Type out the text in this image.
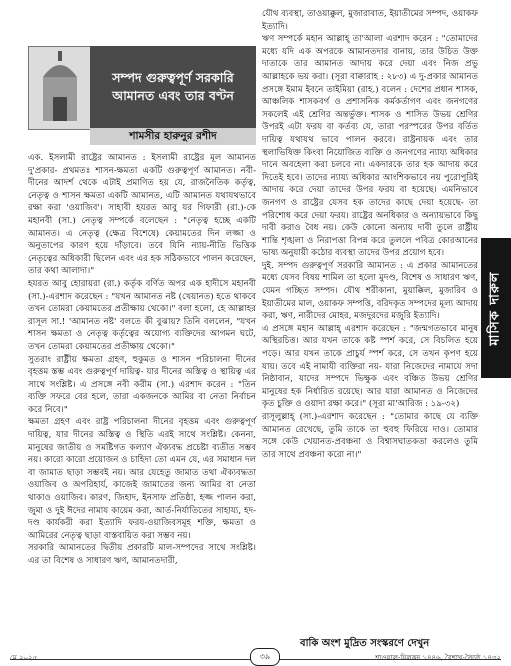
সম্পদ গুরুত্বপূর্ণ সরকারি
আমানত এবং তার বণ্টন
শামসীর হারুনুর রশীদ

এক. ইসলামী রাষ্ট্রের আমানত : ইসলামী রাষ্ট্রের মূল আমানত দু'প্রকার- প্রথমতঃ শাসন-ক্ষমতা একটি গুরুত্বপূর্ণ আমানত। নবী-দীনের আদর্শ থেকে এটাই প্রমাণিত হয় যে, রাজনৈতিক কর্তৃত্ব, নেতৃত্ব ও শাসন ক্ষমতা একটি আমানত, এটি আমানত যথাযথভাবে রক্ষা করা 'ওয়াজিব'। সাহাবী হযরত আবু যর গিফারী (রা.)-কে মহানবী (সা.) নেতৃত্ব সম্পর্কে বলেছেন : "নেতৃত্ব হচ্ছে একটি আমানত। এ নেতৃত্ব (ক্ষেত্র বিশেষে) কেয়ামতের দিন লজ্জা ও অনুতাপের কারণ হয়ে দাঁড়াবে। তবে যিনি ন্যায়-নীতি ভিত্তিক নেতৃত্বের অধিকারী ছিলেন এবং এর হক সঠিকভাবে পালন করেছেন, তার কথা আলাদা।"

হযরত আবু হোরায়রা (রা.) কর্তৃক বর্ণিত অপর এক হাদীসে মহানবী (সা.)-এরশাদ করেছেন : "যখন আমানত নষ্ট (খেয়ানত) হতে থাকবে তখন তোমরা কেয়ামতের প্রতীক্ষায় থেকো।" বলা হলো, হে আল্লাহর রাসূল সা.! 'আমানত নষ্ট' বলতে কী বুঝায়? তিনি বললেন, "যখন শাসন ক্ষমতা ও নেতৃত্ব কর্তৃত্বের অযোগ্য ব্যক্তিদের আগমন ঘটে, তখন তোমরা কেয়ামতের প্রতীক্ষায় থেকো।"

সুতরাং রাষ্ট্রীয় ক্ষমতা গ্রহণ, হুকুমত ও শাসন পরিচালনা দীনের বৃহত্তম স্তম্ভ এবং গুরুত্বপূর্ণ দায়িত্ব- যার দীনের অস্তিত্ব ও স্থায়িত্ব এর সাথে সংশ্লিষ্ট। এ প্রসঙ্গে নবী করীম (সা.) এরশাদ করেন : "তিন ব্যক্তি সফরে বের হলে, তারা একজনকে আমির বা নেতা নির্বাচন করে নিবে।"

ক্ষমতা গ্রহণ এবং রাষ্ট্র পরিচালনা দীনের বৃহত্তম এবং গুরুত্বপূর্ণ দায়িত্ব, যার দীনের অস্তিত্ব ও স্থিতি এরই সাথে সংশ্লিষ্ট। কেননা, মানুষের জাতীয় ও সমষ্টিগত কল্যাণ ঐক্যবদ্ধ প্রচেষ্টা ব্যতীত সম্ভব নয়। কারো কারো প্রয়োজন ও চাহিদা তো এমন যে, এর সমাধান দল বা জামাত ছাড়া সম্ভবই নয়। আর যেহেতু জামাত তথা ঐক্যবদ্ধতা ওয়াজিব ও অপরিহার্য, কাজেই জামাতের জন্য আমির বা নেতা থাকাও ওয়াজিব। কারণ, জিহাদ, ইনসাফ প্রতিষ্ঠা, হজ্জ পালন করা, জুমা ও দুই ঈদের নামায কায়েম করা, আর্ত-নির্যাতিতের সাহায্য, হদ-দণ্ড কার্যকরী করা ইত্যাদি ফরয-ওয়াজিবসমূহ শক্তি, ক্ষমতা ও আমিরের নেতৃত্ব ছাড়া বাস্তবায়িত করা সম্ভব নয়।

সরকারি আমানতের দ্বিতীয় প্রকারটি মাল-সম্পদের সাথে সংশ্লিষ্ট। এর তা বিশেষ ও সাধারণ ঋণ, আমানতদারী,

যৌথ ব্যবস্থা, তাওয়াক্কুল, মুজারাবাত, ইয়াতীমের সম্পদ, ওয়াকফ ইত্যাদি।

ঋণ সম্পর্কে মহান আল্লাহ্ তা'আলা এরশাদ করেন : "তোমাদের মধ্যে যদি এক অপরকে আমানতদার বানায়, তার উচিত উক্ত দাতাকে তার আমানত আদায় করে দেয়া এবং নিজ প্রভু আল্লাহকে ভয় করা। (সূরা বাক্বারাহ : ২৮৩) এ দু-প্রকার আমানত প্রসঙ্গে ইমাম ইবনে তাইমিয়া (রাহ.) বলেন : দেশের প্রধান শাসক, আঞ্চলিক শাসকবর্গ ও প্রশাসনিক কর্মকর্তাগণ এবং জনগণের সকলেই এই শ্রেণির অন্তর্ভুক্ত। শাসক ও শাসিত উভয় শ্রেণির উপরই এটা ফরয বা কর্তব্য যে, তারা পরস্পরের উপর বর্তিত দায়িত্ব যথাযথ ভাবে পালন করবে। রাষ্ট্রনায়ক এবং তার স্থলাভিষিক্ত কিংবা নিয়োজিত ব্যক্তি ও জনগণের ন্যায্য অধিকার দানে অবহেলা করা চলবে না। একদারকে তার হক আদায় করে দিতেই হবে। তাদের ন্যায্য অধিকার আংশিকভাবে নয় পুরোপুরিই আদায় করে দেয়া তাদের উপর ফরয বা হয়েছে। এমনিভাবে জনগণ ও রাষ্ট্রের যেসব হক তাদের কাছে দেয়া হয়েছে- তা পরিশোধ করে দেয়া ফরয। রাষ্ট্রের অনধিকার ও অন্যায়ভাবে কিছু দাবী করাও বৈধ নয়। কেউ কোনো অন্যায় দাবী তুলে রাষ্ট্রীয় শান্তি শৃঙ্খলা ও নিরাপত্তা বিপন্ন করে তুললে পবিত্র কোরআনের ভাষ্য অনুযায়ী কঠোর ব্যবস্থা তাদের উপর প্রয়োগ হবে।

দুই. সম্পদ গুরুত্বপূর্ণ সরকারি আমানত : এ প্রকার আমানতের মধ্যে যেসব বিষয় শামিল তা হলো মুদণ্ড, বিশেষ ও সাধারণ ঋণ, যেমন গচ্ছিত সম্পদ। যৌথ শরীকানা, মুয়াক্কিল, মুজারিব ও ইয়াতীমের মাল, ওয়াকফ সম্পত্তি, বরিদকৃত সম্পদের মূল্য আদায় করা, ঋণ, নারীদের মোহর, মজদুরদের মজুরি ইত্যাদি।

এ প্রসঙ্গে মহান আল্লাহ্ এরশাদ করেছেন : "জন্মগতভাবে মানুষ অস্থিরচিত্ত। আর যখন তাকে কষ্ট স্পর্শ করে, সে বিচলিত হয়ে পড়ে। আর যখন তাকে প্রাচুর্য স্পর্শ করে, সে তখন কৃপণ হয়ে যায়। তবে এই নামাযী ব্যক্তিরা নয়- যারা নিজেদের নামাযে সদা নিষ্ঠাবান, যাদের সম্পদে ভিক্ষুক এবং বঞ্চিত উভয় শ্রেণির মানুষের হক নির্ধারিত রয়েছে। আর যারা আমানত ও নিজেদের কৃত চুক্তি ও ওয়াদা রক্ষা করে।" (সূরা মা'আরিজ : ১৯-৩২)

রাসূলুল্লাহ্ (সা.)-এরশাদ করেছেন : "তোমার কাছে যে ব্যক্তি আমানত রেখেছে, তুমি তাকে তা হুবহু ফিরিয়ে দাও। তোমার সঙ্গে কেউ খেয়ানত-প্রবঞ্চনা ও বিশ্বাসঘাতকতা করলেও তুমি তার সাথে প্রবঞ্চনা করো না।"

মাসিক দারুল
বাকি অংশ মুদ্রিত সংস্করণে দেখুন
মে ২০২৫	৩৯	শাওয়াল-যিলকদ ১৪৪৬, বৈশাখ-জ্যৈষ্ঠ ১৪৩২
